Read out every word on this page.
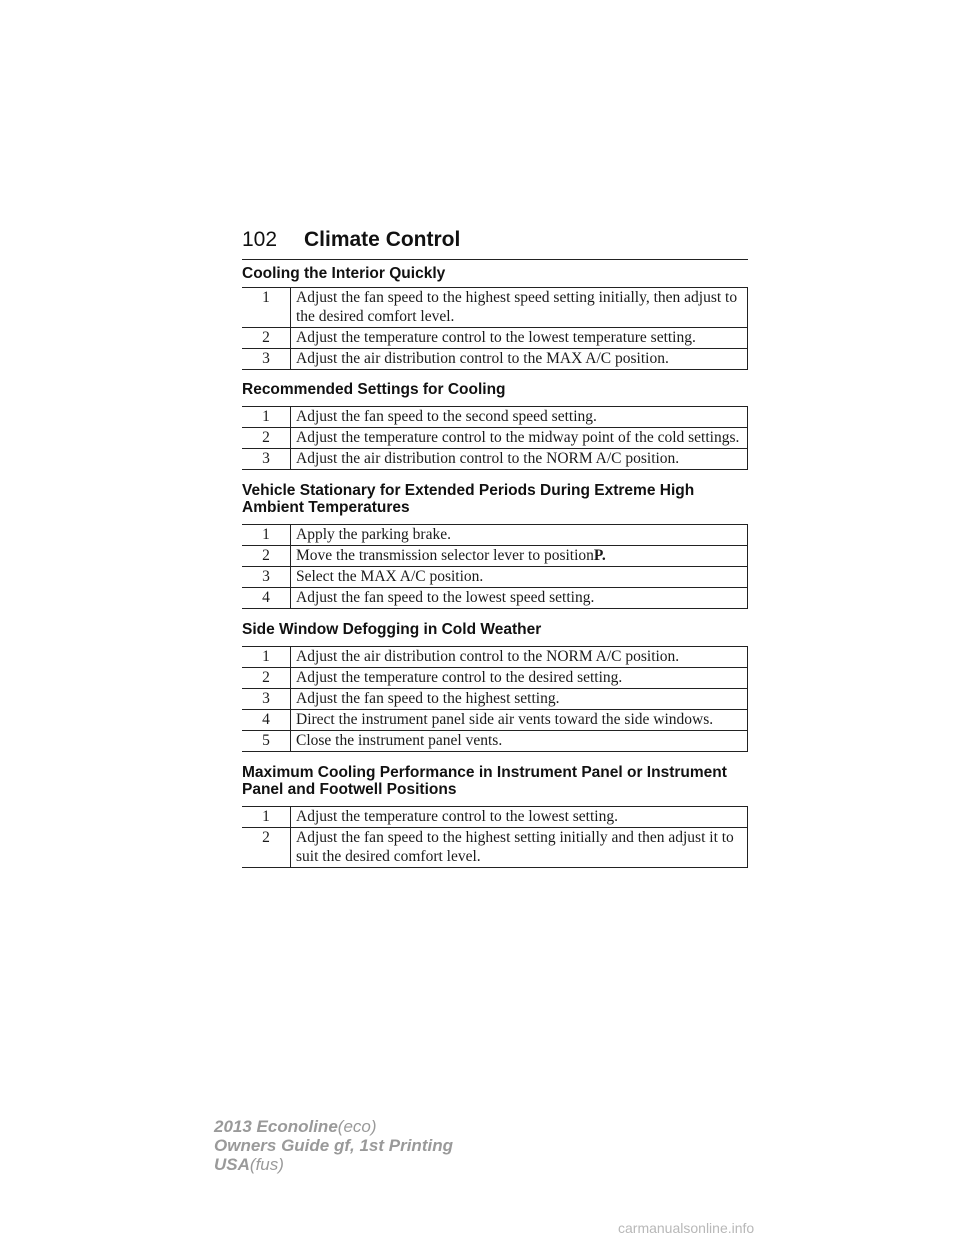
102	Climate Control
Cooling the Interior Quickly
1	Adjust the fan speed to the highest speed setting initially, then adjust to the desired comfort level.
2	Adjust the temperature control to the lowest temperature setting.
3	Adjust the air distribution control to the MAX A/C position.
Recommended Settings for Cooling
1	Adjust the fan speed to the second speed setting.
2	Adjust the temperature control to the midway point of the cold settings.
3	Adjust the air distribution control to the NORM A/C position.
Vehicle Stationary for Extended Periods During Extreme High Ambient Temperatures
1	Apply the parking brake.
2	Move the transmission selector lever to positionP.
3	Select the MAX A/C position.
4	Adjust the fan speed to the lowest speed setting.
Side Window Defogging in Cold Weather
1	Adjust the air distribution control to the NORM A/C position.
2	Adjust the temperature control to the desired setting.
3	Adjust the fan speed to the highest setting.
4	Direct the instrument panel side air vents toward the side windows.
5	Close the instrument panel vents.
Maximum Cooling Performance in Instrument Panel or Instrument Panel and Footwell Positions
1	Adjust the temperature control to the lowest setting.
2	Adjust the fan speed to the highest setting initially and then adjust it to suit the desired comfort level.
2013 Econoline(eco)
Owners Guide gf, 1st Printing
USA(fus)
carmanualsonline.info
